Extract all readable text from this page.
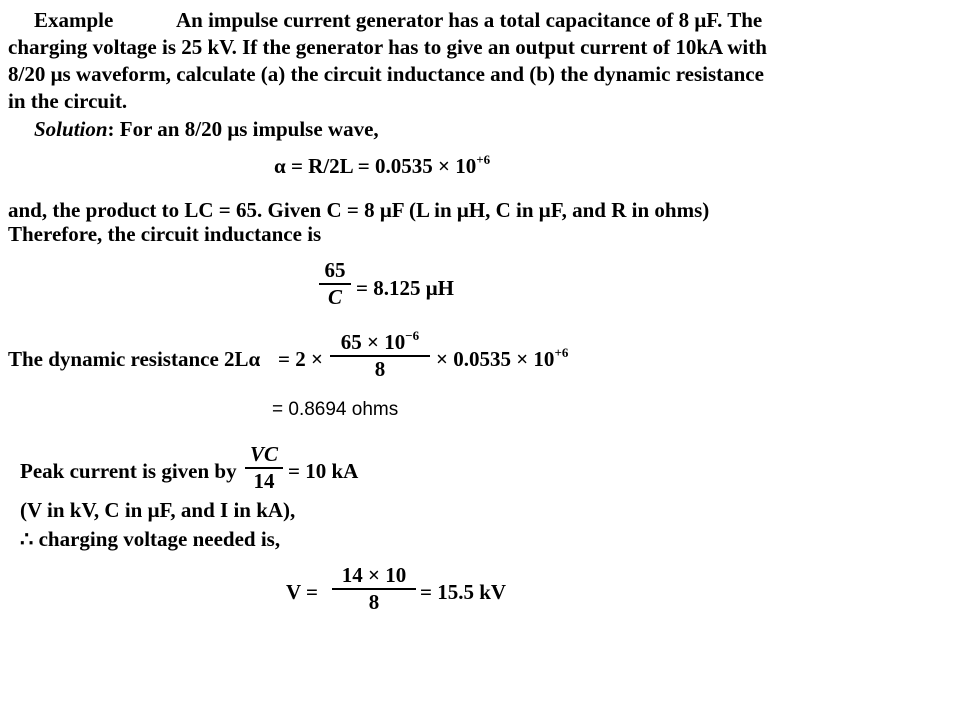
Example	An impulse current generator has a total capacitance of 8 μF. The
charging voltage is 25 kV. If the generator has to give an output current of 10kA with
8/20 μs waveform, calculate (a) the circuit inductance and (b) the dynamic resistance
in the circuit.
Solution: For an 8/20 μs impulse wave,
$\alpha = R/2L = 0.0535 \times 10^{+6}$
and, the product to LC = 65. Given C = 8 μF (L in μH, C in μF, and R in ohms)
Therefore, the circuit inductance is
65
C = 8.125 μH
The dynamic resistance 2Lα = 2 ×
$65 \times 10^{-6}$
8	× $0.0535 \times 10^{+6}$
= 0.8694 ohms
Peak current is given by
VC
14 = 10 kA
(V in kV, C in μF, and I in kA),
∴ charging voltage needed is,
V =
14 × 10
8	= 15.5 kV
